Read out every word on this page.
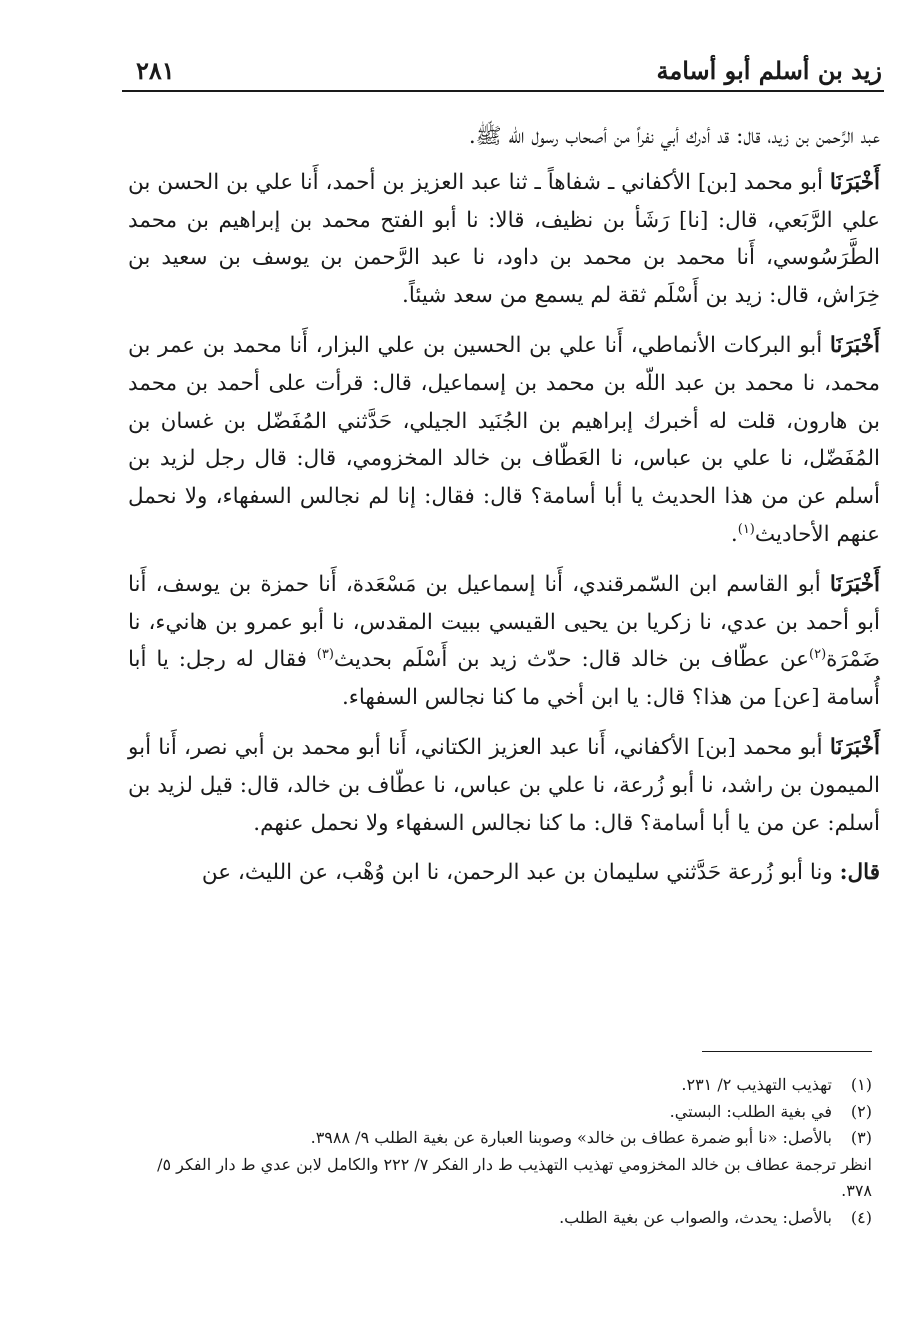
زيد بن أسلم أبو أسامة
٢٨١

عبد الرَّحمن بن زيد، قال: قد أدرك أبي نفراً من أصحاب رسول الله ﷺ.

أَخْبَرَنَا أبو محمد [بن] الأكفاني ـ شفاهاً ـ ثنا عبد العزيز بن أحمد، أَنا علي بن الحسن بن علي الرَّبَعي، قال: [نا] رَشَأ بن نظيف، قالا: نا أبو الفتح محمد بن إبراهيم بن محمد الطَّرَسُوسي، أَنا محمد بن محمد بن داود، نا عبد الرَّحمن بن يوسف بن سعيد بن خِرَاش، قال: زيد بن أَسْلَم ثقة لم يسمع من سعد شيئاً.

أَخْبَرَنَا أبو البركات الأنماطي، أَنا علي بن الحسين بن علي البزار، أَنا محمد بن عمر بن محمد، نا محمد بن عبد اللّه بن محمد بن إسماعيل، قال: قرأت على أحمد بن محمد بن هارون، قلت له أخبرك إبراهيم بن الجُنَيد الجيلي، حَدَّثني المُفَضّل بن غسان بن المُفَضّل، نا علي بن عباس، نا العَطّاف بن خالد المخزومي، قال: قال رجل لزيد بن أسلم عن من هذا الحديث يا أبا أسامة؟ قال: فقال: إنا لم نجالس السفهاء، ولا نحمل عنهم الأحاديث$^{(١)}$.

أَخْبَرَنَا أبو القاسم ابن السّمرقندي، أَنا إسماعيل بن مَسْعَدة، أَنا حمزة بن يوسف، أَنا أبو أحمد بن عدي، نا زكريا بن يحيى القيسي ببيت المقدس، نا أبو عمرو بن هانيء، نا ضَمْرَة$^{(٢)}$عن عطّاف بن خالد قال: حدّث زيد بن أَسْلَم بحديث$^{(٣)}$ فقال له رجل: يا أبا أُسامة [عن] من هذا؟ قال: يا ابن أخي ما كنا نجالس السفهاء.

أَخْبَرَنَا أبو محمد [بن] الأكفاني، أَنا عبد العزيز الكتاني، أَنا أبو محمد بن أبي نصر، أَنا أبو الميمون بن راشد، نا أبو زُرعة، نا علي بن عباس، نا عطّاف بن خالد، قال: قيل لزيد بن أسلم: عن من يا أبا أسامة؟ قال: ما كنا نجالس السفهاء ولا نحمل عنهم.

قال: ونا أبو زُرعة حَدَّثني سليمان بن عبد الرحمن، نا ابن وُهْب، عن الليث، عن

(١)
تهذيب التهذيب ٢/ ٢٣١.
(٢)
في بغية الطلب: البستي.
(٣)
بالأصل: «نا أبو ضمرة عطاف بن خالد» وصوبنا العبارة عن بغية الطلب ٩/ ٣٩٨٨.
انظر ترجمة عطاف بن خالد المخزومي تهذيب التهذيب ط دار الفكر ٧/ ٢٢٢ والكامل لابن عدي ط دار الفكر ٥/ ٣٧٨.
(٤)
بالأصل: يحدث، والصواب عن بغية الطلب.
